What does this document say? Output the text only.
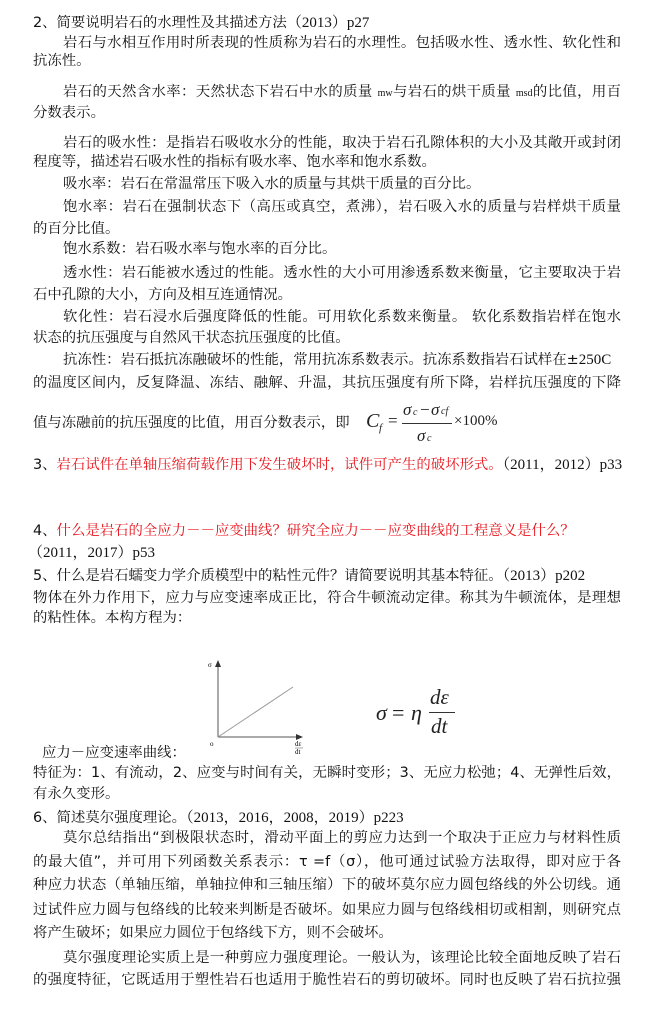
2、简要说明岩石的水理性及其描述方法（2013）p27
岩石与水相互作用时所表现的性质称为岩石的水理性。包括吸水性、透水性、软化性和
抗冻性。
岩石的天然含水率：天然状态下岩石中水的质量 mw与岩石的烘干质量 msd的比值，用百
分数表示。
岩石的吸水性：是指岩石吸收水分的性能，取决于岩石孔隙体积的大小及其敞开或封闭
程度等，描述岩石吸水性的指标有吸水率、饱水率和饱水系数。
吸水率：岩石在常温常压下吸入水的质量与其烘干质量的百分比。
饱水率：岩石在强制状态下（高压或真空，煮沸），岩石吸入水的质量与岩样烘干质量
的百分比值。
饱水系数：岩石吸水率与饱水率的百分比。
透水性：岩石能被水透过的性能。透水性的大小可用渗透系数来衡量，它主要取决于岩
石中孔隙的大小，方向及相互连通情况。
软化性：岩石浸水后强度降低的性能。可用软化系数来衡量。 软化系数指岩样在饱水
状态的抗压强度与自然风干状态抗压强度的比值。
抗冻性：岩石抵抗冻融破坏的性能，常用抗冻系数表示。抗冻系数指岩石试样在±250C
的温度区间内，反复降温、冻结、融解、升温，其抗压强度有所下降，岩样抗压强度的下降
值与冻融前的抗压强度的比值，用百分数表示，即 C f =
σ c − σ cf
σ c
×100%
3、岩石试件在单轴压缩荷载作用下发生破坏时，试件可产生的破坏形式。（2011，2012）p33
4、什么是岩石的全应力－－应变曲线？研究全应力－－应变曲线的工程意义是什么？
（2011，2017）p53
5、什么是岩石蠕变力学介质模型中的粘性元件？请简要说明其基本特征。（2013）p202
物体在外力作用下，应力与应变速率成正比，符合牛顿流动定律。称其为牛顿流体，是理想
的粘性体。本构方程为：
σ
o	dε
dt
应力－应变速率曲线：
σ = η
dε
dt
特征为：1、有流动，2、应变与时间有关，无瞬时变形；3、无应力松弛；4、无弹性后效，
有永久变形。
6、简述莫尔强度理论。（2013，2016，2008，2019）p223
莫尔总结指出“到极限状态时，滑动平面上的剪应力达到一个取决于正应力与材料性质
的最大值”，并可用下列函数关系表示：τ =f（σ），他可通过试验方法取得，即对应于各
种应力状态（单轴压缩，单轴拉伸和三轴压缩）下的破坏莫尔应力圆包络线的外公切线。通
过试件应力圆与包络线的比较来判断是否破坏。如果应力圆与包络线相切或相割，则研究点
将产生破坏；如果应力圆位于包络线下方，则不会破坏。
莫尔强度理论实质上是一种剪应力强度理论。一般认为，该理论比较全面地反映了岩石
的强度特征，它既适用于塑性岩石也适用于脆性岩石的剪切破坏。同时也反映了岩石抗拉强
